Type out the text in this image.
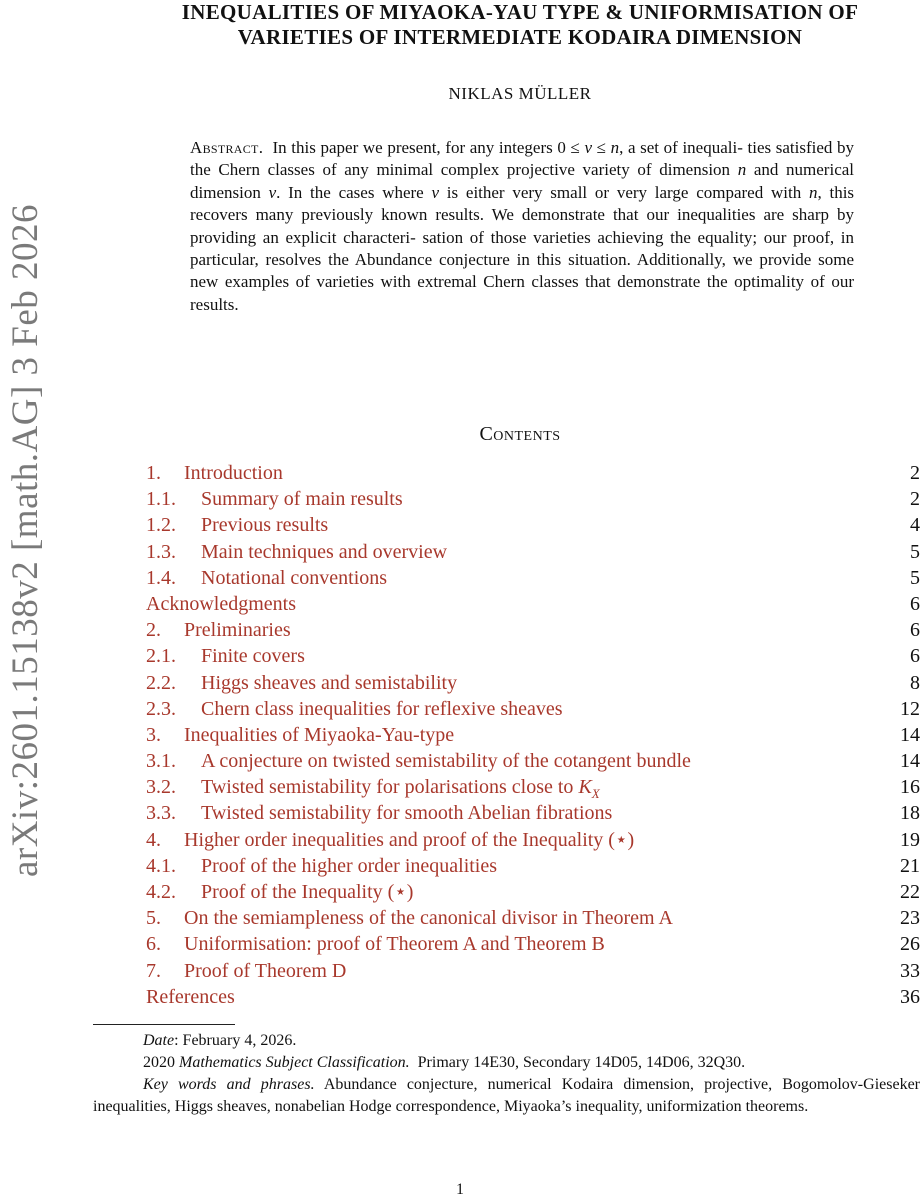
arXiv:2601.15138v2 [math.AG] 3 Feb 2026
INEQUALITIES OF MIYAOKA-YAU TYPE & UNIFORMISATION OF
VARIETIES OF INTERMEDIATE KODAIRA DIMENSION
NIKLAS MÜLLER

Abstract. In this paper we present, for any integers 0 ≤ ν ≤ n, a set of inequali- ties satisfied by the Chern classes of any minimal complex projective variety of dimension n and numerical dimension ν. In the cases where ν is either very small or very large compared with n, this recovers many previously known results. We demonstrate that our inequalities are sharp by providing an explicit characteri- sation of those varieties achieving the equality; our proof, in particular, resolves the Abundance conjecture in this situation. Additionally, we provide some new examples of varieties with extremal Chern classes that demonstrate the optimality of our results.

Contents
1. Introduction	2
1.1. Summary of main results	2
1.2. Previous results	4
1.3. Main techniques and overview	5
1.4. Notational conventions	5
Acknowledgments	6
2. Preliminaries	6
2.1. Finite covers	6
2.2. Higgs sheaves and semistability	8
2.3. Chern class inequalities for reflexive sheaves	12
3. Inequalities of Miyaoka-Yau-type	14
3.1. A conjecture on twisted semistability of the cotangent bundle	14
3.2. Twisted semistability for polarisations close to $K_X$	16
3.3. Twisted semistability for smooth Abelian fibrations	18
4. Higher order inequalities and proof of the Inequality (⋆)	19
4.1. Proof of the higher order inequalities	21
4.2. Proof of the Inequality (⋆)	22
5. On the semiampleness of the canonical divisor in Theorem A	23
6. Uniformisation: proof of Theorem A and Theorem B	26
7. Proof of Theorem D	33
References	36

Date: February 4, 2026.

2020 Mathematics Subject Classification. Primary 14E30, Secondary 14D05, 14D06, 32Q30.

Key words and phrases. Abundance conjecture, numerical Kodaira dimension, projective, Bogomolov-Gieseker inequalities, Higgs sheaves, nonabelian Hodge correspondence, Miyaoka’s inequality, uniformization theorems.

1
